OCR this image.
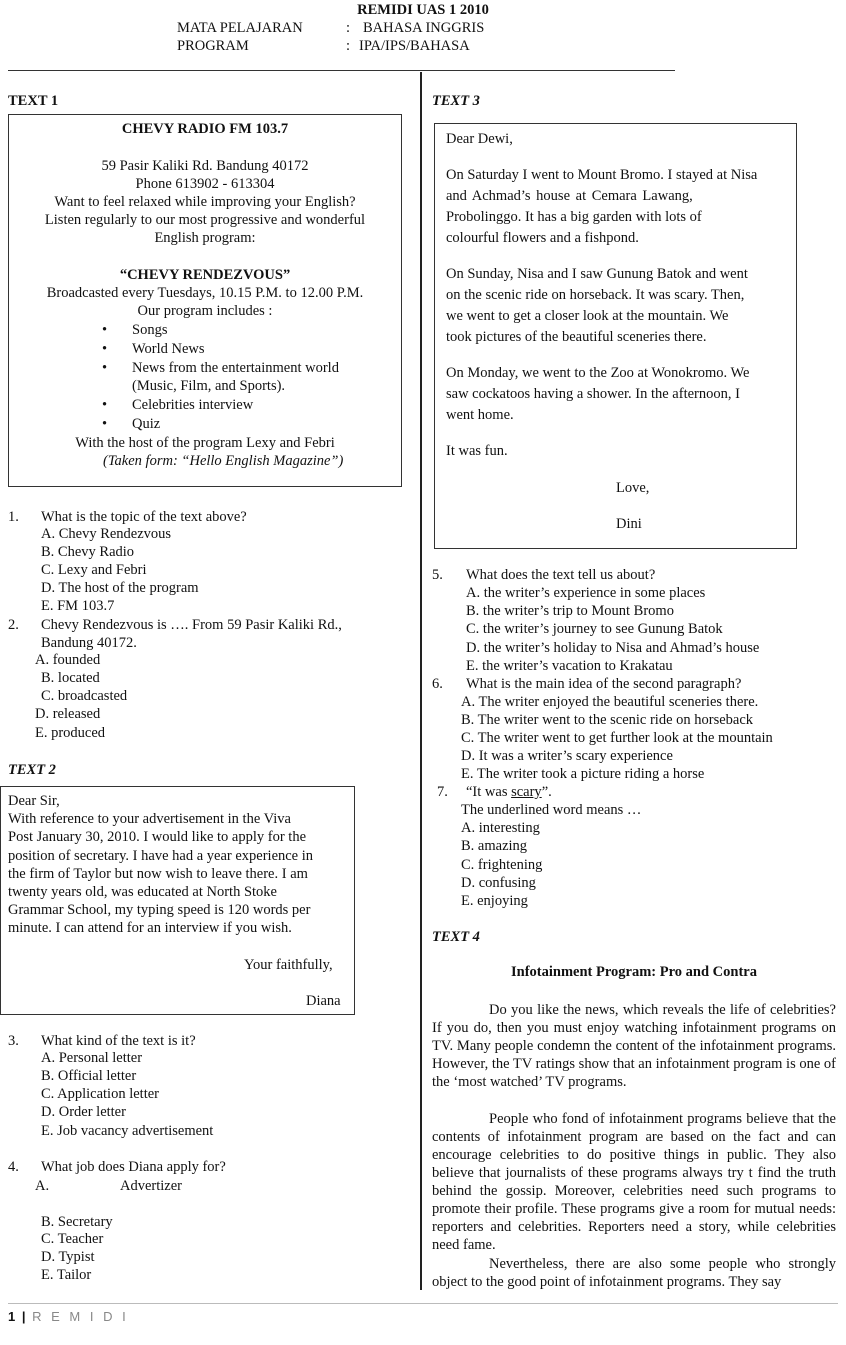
REMIDI UAS 1 2010
MATA PELAJARAN	: BAHASA INGGRIS
PROGRAM	: IPA/IPS/BAHASA
TEXT 1
CHEVY RADIO FM 103.7
59 Pasir Kaliki Rd. Bandung 40172
Phone 613902 - 613304
Want to feel relaxed while improving your English?
Listen regularly to our most progressive and wonderful
English program:
“CHEVY RENDEZVOUS”
Broadcasted every Tuesdays, 10.15 P.M. to 12.00 P.M.
Our program includes :
• Songs
• World News
• News from the entertainment world
(Music, Film, and Sports).
• Celebrities interview
• Quiz
With the host of the program Lexy and Febri
(Taken form: “Hello English Magazine”)
1. What is the topic of the text above?
A. Chevy Rendezvous
B. Chevy Radio
C. Lexy and Febri
D. The host of the program
E. FM 103.7
2. Chevy Rendezvous is …. From 59 Pasir Kaliki Rd.,
Bandung 40172.
A. founded
B. located
C. broadcasted
D. released
E. produced
TEXT 2
Dear Sir,
With reference to your advertisement in the Viva
Post January 30, 2010. I would like to apply for the
position of secretary. I have had a year experience in
the firm of Taylor but now wish to leave there. I am
twenty years old, was educated at North Stoke
Grammar School, my typing speed is 120 words per
minute. I can attend for an interview if you wish.
Your faithfully,
Diana
3. What kind of the text is it?
A. Personal letter
B. Official letter
C. Application letter
D. Order letter
E. Job vacancy advertisement
4. What job does Diana apply for?
A.	Advertizer
B. Secretary
C. Teacher
D. Typist
E. Tailor
TEXT 3
Dear Dewi,
On Saturday I went to Mount Bromo. I stayed at Nisa
and Achmad’s house at Cemara Lawang,
Probolinggo. It has a big garden with lots of
colourful flowers and a fishpond.
On Sunday, Nisa and I saw Gunung Batok and went
on the scenic ride on horseback. It was scary. Then,
we went to get a closer look at the mountain. We
took pictures of the beautiful sceneries there.
On Monday, we went to the Zoo at Wonokromo. We
saw cockatoos having a shower. In the afternoon, I
went home.
It was fun.
Love,
Dini
5. What does the text tell us about?
A. the writer’s experience in some places
B. the writer’s trip to Mount Bromo
C. the writer’s journey to see Gunung Batok
D. the writer’s holiday to Nisa and Ahmad’s house
E. the writer’s vacation to Krakatau
6. What is the main idea of the second paragraph?
A. The writer enjoyed the beautiful sceneries there.
B. The writer went to the scenic ride on horseback
C. The writer went to get further look at the mountain
D. It was a writer’s scary experience
E. The writer took a picture riding a horse
7. “It was scary”.
The underlined word means …
A. interesting
B. amazing
C. frightening
D. confusing
E. enjoying
TEXT 4
Infotainment Program: Pro and Contra
Do you like the news, which reveals the life of celebrities? If you do, then you must enjoy watching infotainment programs on TV. Many people condemn the content of the infotainment programs. However, the TV ratings show that an infotainment program is one of the ‘most watched’ TV programs.
People who fond of infotainment programs believe that the contents of infotainment program are based on the fact and can encourage celebrities to do positive things in public. They also believe that journalists of these programs always try t find the truth behind the gossip. Moreover, celebrities need such programs to promote their profile. These programs give a room for mutual needs: reporters and celebrities. Reporters need a story, while celebrities need fame.
Nevertheless, there are also some people who strongly object to the good point of infotainment programs. They say
1 | R E M I D I
